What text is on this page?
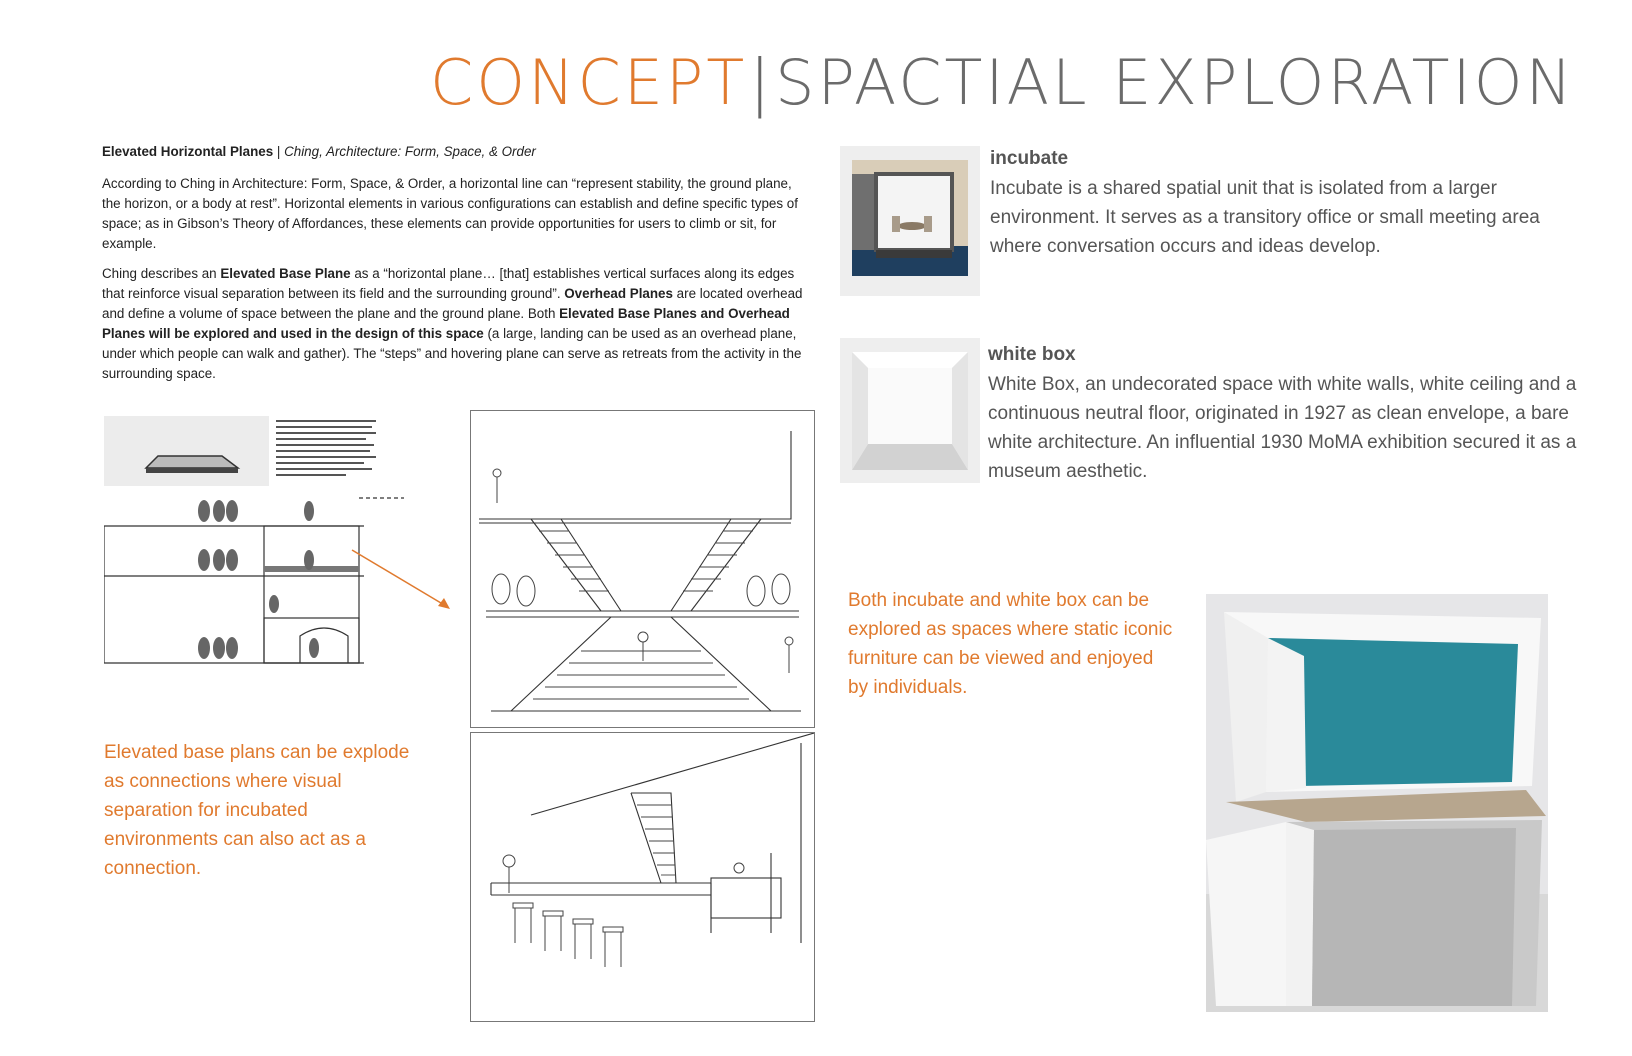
CONCEPT|SPACTIAL EXPLORATION
Elevated Horizontal Planes | Ching, Architecture: Form, Space, & Order

According to Ching in Architecture: Form, Space, & Order, a horizontal line can “represent stability, the ground plane, the horizon, or a body at rest”. Horizontal elements in various configurations can establish and define specific types of space; as in Gibson’s Theory of Affordances, these elements can provide opportunities for users to climb or sit, for example.

Ching describes an Elevated Base Plane as a “horizontal plane… [that] establishes vertical surfaces along its edges that reinforce visual separation between its field and the surrounding ground”. Overhead Planes are located overhead and define a volume of space between the plane and the ground plane. Both Elevated Base Planes and Overhead Planes will be explored and used in the design of this space (a large, landing can be used as an overhead plane, under which people can walk and gather). The “steps” and hovering plane can serve as retreats from the activity in the surrounding space.

Elevated base plans can be explode as connections where visual separation for incubated environments can also act as a connection.
incubate
Incubate is a shared spatial unit that is isolated from a larger environment. It serves as a transitory office or small meeting area where conversation occurs and ideas develop.
white box
White Box, an undecorated space with white walls, white ceiling and a continuous neutral floor, originated in 1927 as clean envelope, a bare white architecture. An influential 1930 MoMA exhibition secured it as a museum aesthetic.
Both incubate and white box can be explored as spaces where static iconic furniture can be viewed and enjoyed by individuals.
